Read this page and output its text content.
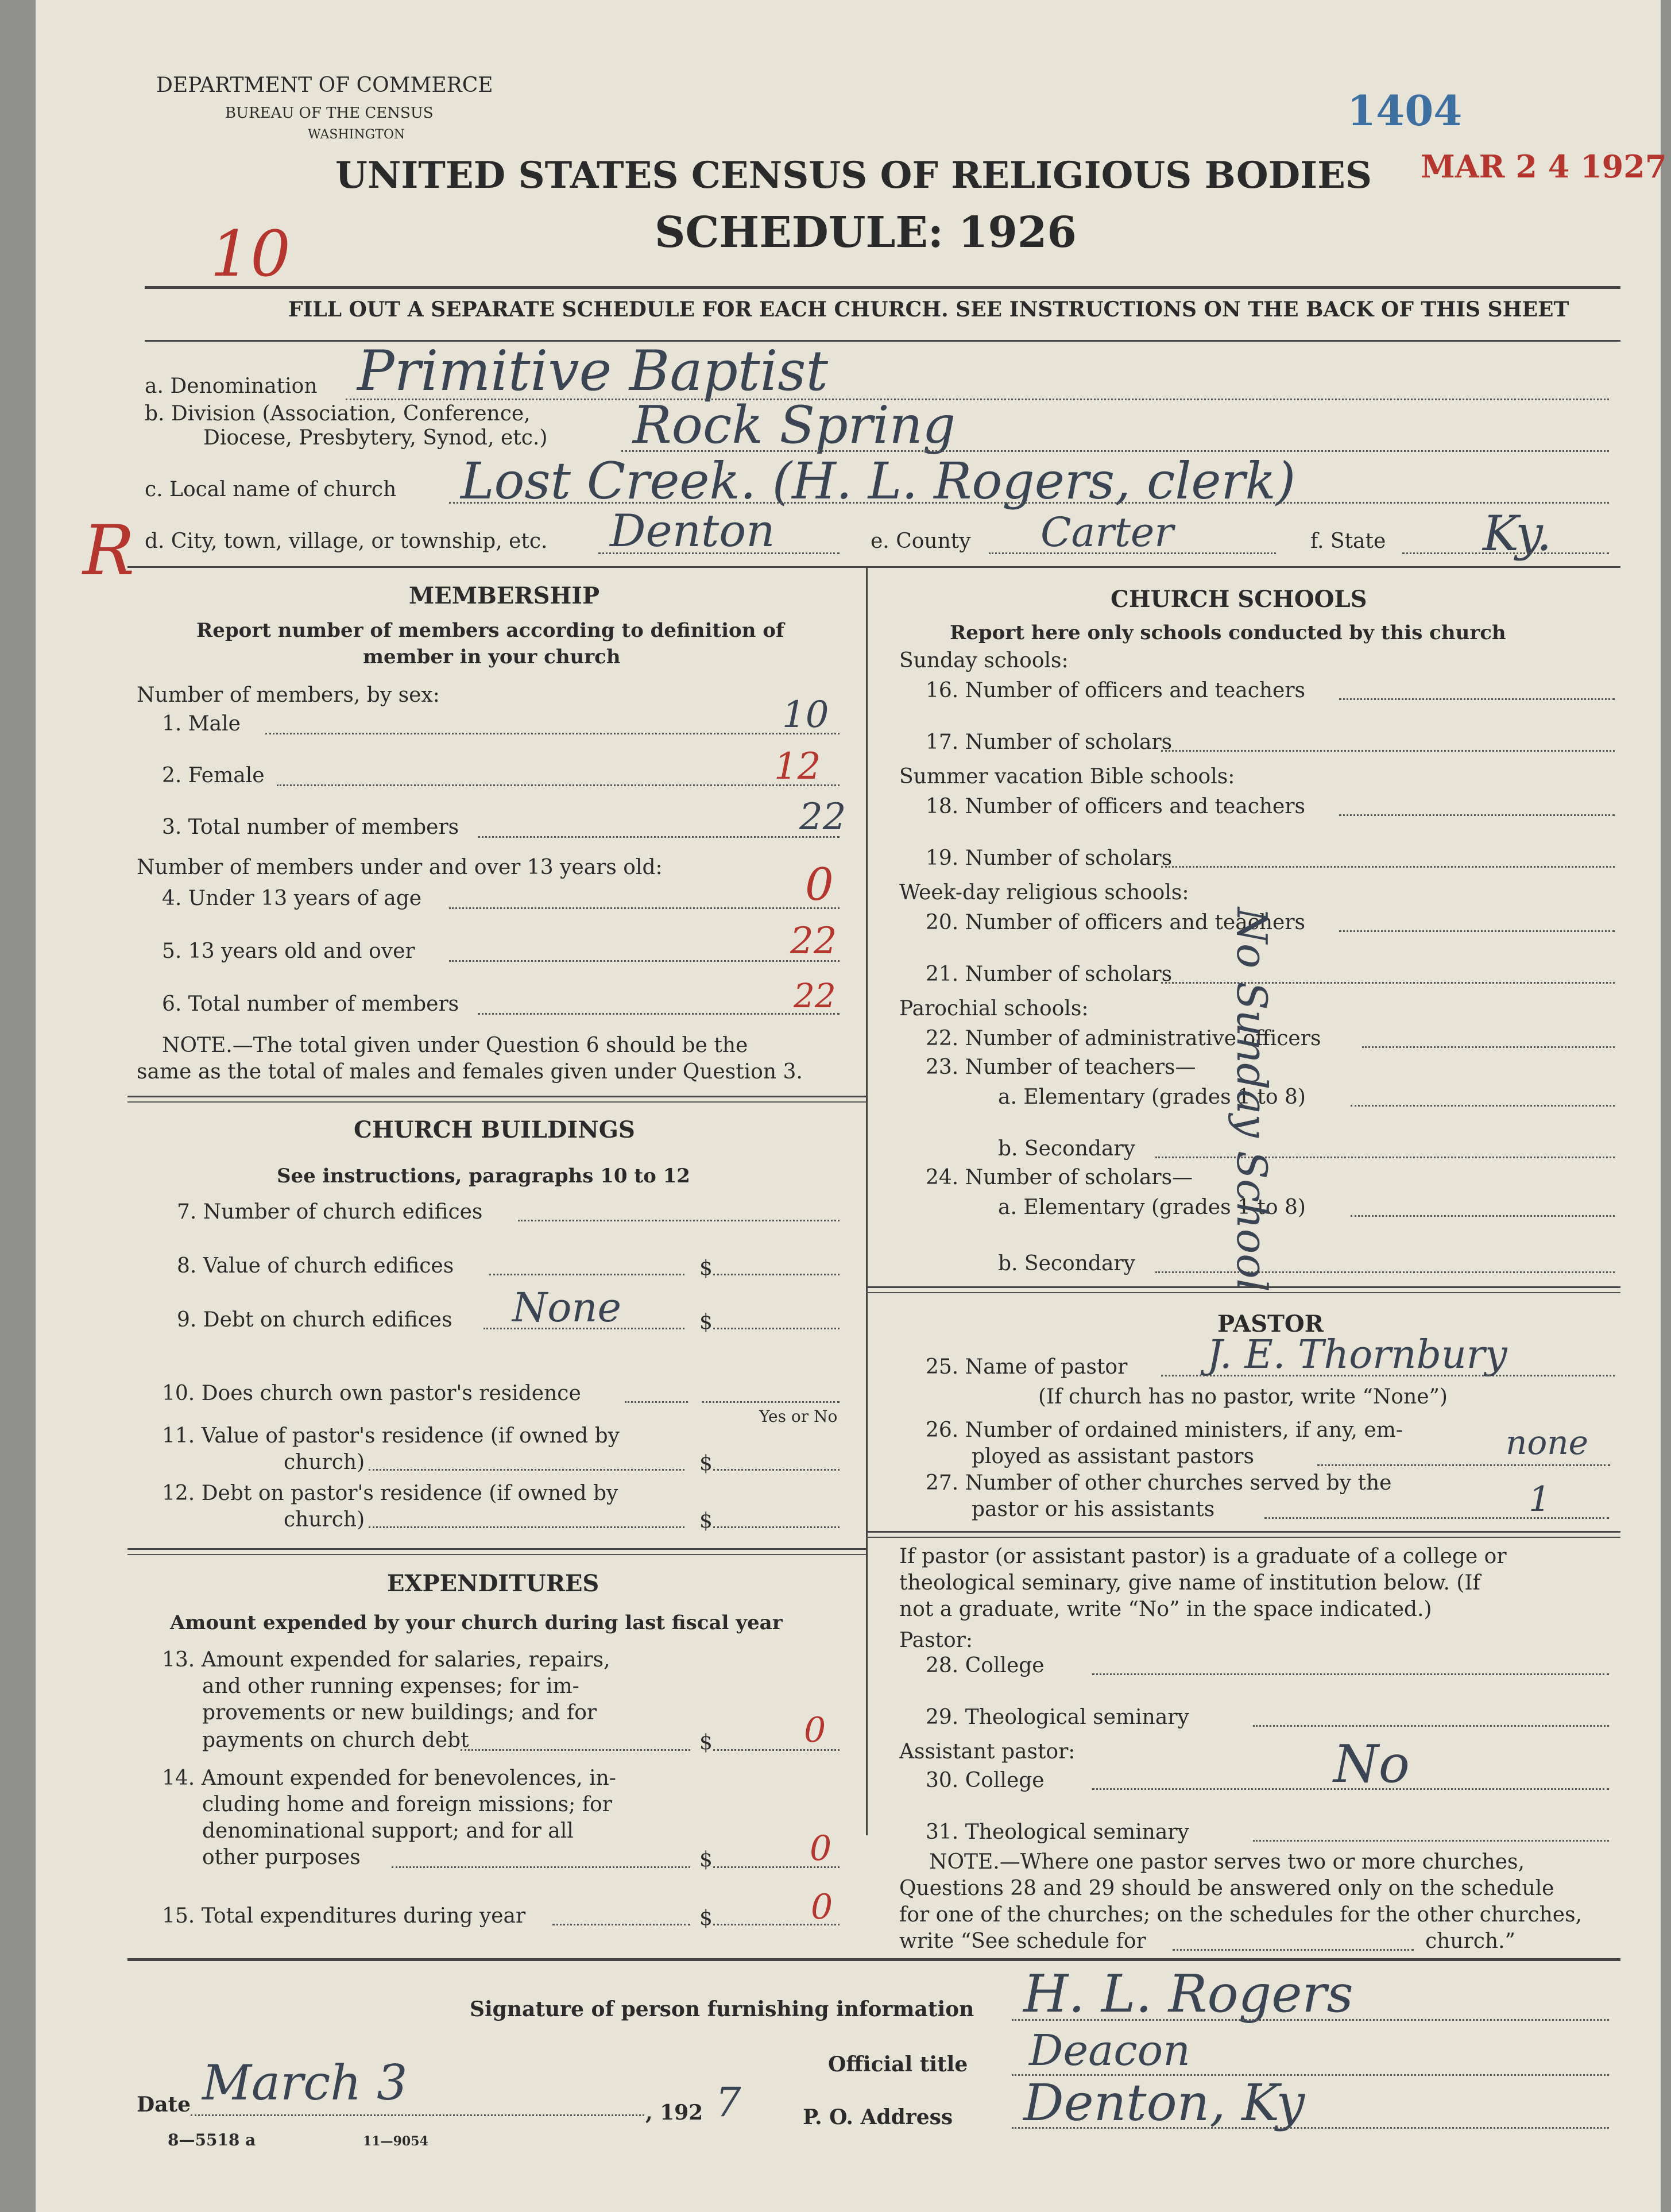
DEPARTMENT OF COMMERCE
BUREAU OF THE CENSUS
WASHINGTON
UNITED STATES CENSUS OF RELIGIOUS BODIES
SCHEDULE: 1926
1404
MAR 2 4 1927
10
R
FILL OUT A SEPARATE SCHEDULE FOR EACH CHURCH. SEE INSTRUCTIONS ON THE BACK OF THIS SHEET
a. Denomination Primitive Baptist
b. Division (Association, Conference,
Diocese, Presbytery, Synod, etc.) Rock Spring
c. Local name of church Lost Creek. (H. L. Rogers, clerk)
d. City, town, village, or township, etc. Denton	e. County Carter	f. State Ky.
MEMBERSHIP
Report number of members according to definition of
member in your church
Number of members, by sex:
1. Male	10
2. Female	12
3. Total number of members	22
Number of members under and over 13 years old:
4. Under 13 years of age	0
5. 13 years old and over	22
6. Total number of members	22
NOTE.—The total given under Question 6 should be the
same as the total of males and females given under Question 3.
CHURCH BUILDINGS
See instructions, paragraphs 10 to 12
7. Number of church edifices
8. Value of church edifices	$
9. Debt on church edifices None	$
10. Does church own pastor's residence
Yes or No
11. Value of pastor's residence (if owned by
church)	$
12. Debt on pastor's residence (if owned by
church)	$
EXPENDITURES
Amount expended by your church during last fiscal year
13. Amount expended for salaries, repairs,
and other running expenses; for im-
provements or new buildings; and for
payments on church debt	$	0
14. Amount expended for benevolences, in-
cluding home and foreign missions; for
denominational support; and for all
other purposes	$	0
15. Total expenditures during year	$	0
CHURCH SCHOOLS
Report here only schools conducted by this church
Sunday schools:
16. Number of officers and teachers
17. Number of scholars
Summer vacation Bible schools:
18. Number of officers and teachers
19. Number of scholars
Week-day religious schools:
20. Number of officers and teachers
21. Number of scholars
Parochial schools:
22. Number of administrative officers
23. Number of teachers—
a. Elementary (grades 1 to 8)
b. Secondary
24. Number of scholars—
a. Elementary (grades 1 to 8)
b. Secondary No Sunday School
PASTOR
25. Name of pastor J. E. Thornbury
(If church has no pastor, write “None”)
26. Number of ordained ministers, if any, em-
ployed as assistant pastors	none
27. Number of other churches served by the
pastor or his assistants	1
If pastor (or assistant pastor) is a graduate of a college or
theological seminary, give name of institution below. (If
not a graduate, write “No” in the space indicated.)
Pastor:
28. College
29. Theological seminary
Assistant pastor:
30. College	No
31. Theological seminary
NOTE.—Where one pastor serves two or more churches,
Questions 28 and 29 should be answered only on the schedule
for one of the churches; on the schedules for the other churches,
write “See schedule for	church.”
Signature of person furnishing information H. L. Rogers
Official title Deacon
Date March 3
, 192 7	P. O. Address Denton, Ky
8—5518 a	11—9054
